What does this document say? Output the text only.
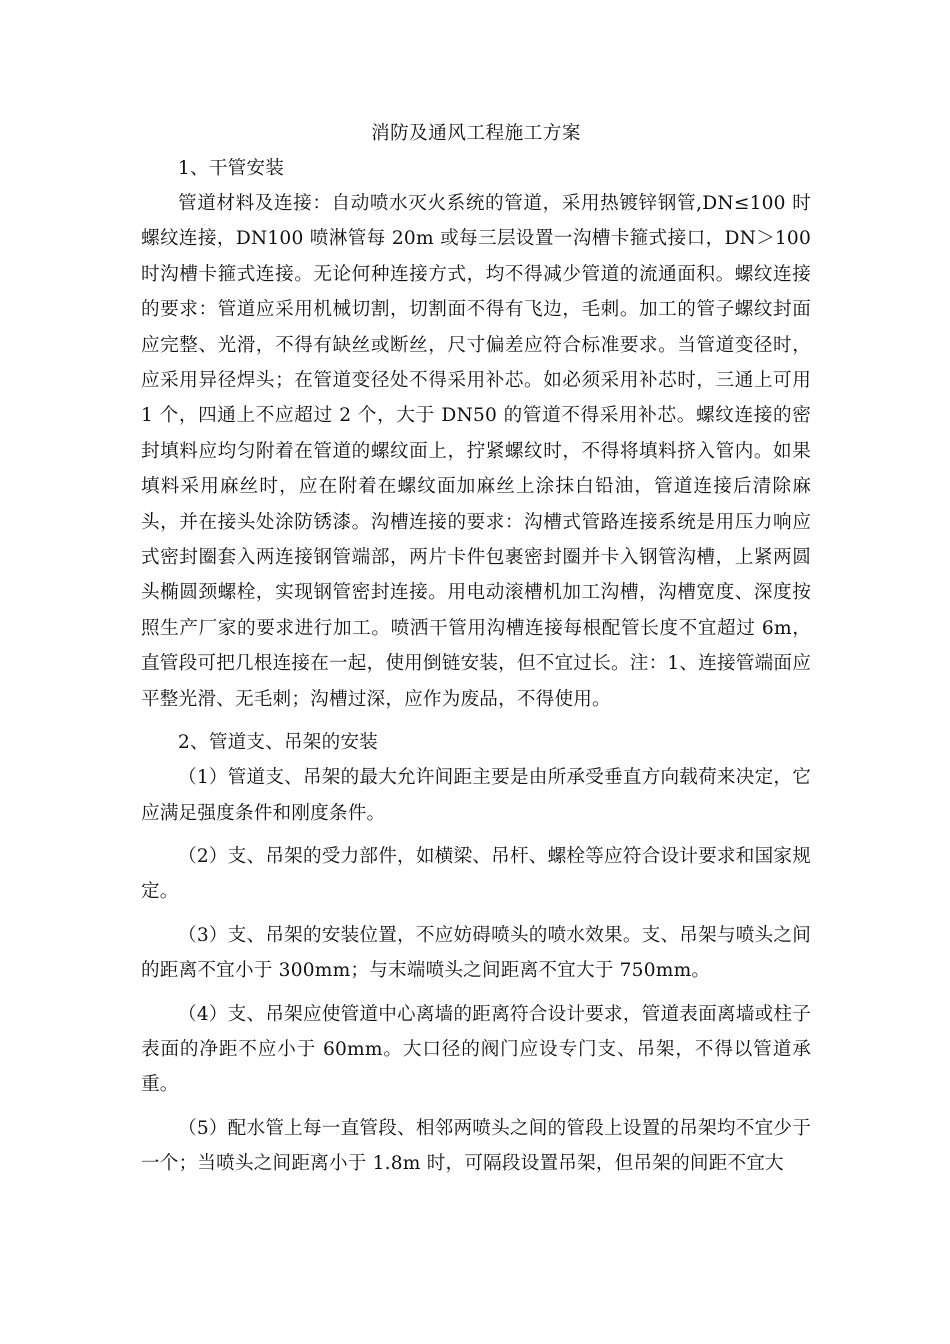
消防及通风工程施工方案

1、干管安装

管道材料及连接：自动喷水灭火系统的管道，采用热镀锌钢管,DN≤100 时螺纹连接，DN100 喷淋管每 20m 或每三层设置一沟槽卡箍式接口，DN＞100 时沟槽卡箍式连接。无论何种连接方式，均不得减少管道的流通面积。螺纹连接的要求：管道应采用机械切割，切割面不得有飞边，毛刺。加工的管子螺纹封面应完整、光滑，不得有缺丝或断丝，尺寸偏差应符合标准要求。当管道变径时，应采用异径焊头；在管道变径处不得采用补芯。如必须采用补芯时，三通上可用 1 个，四通上不应超过 2 个，大于 DN50 的管道不得采用补芯。螺纹连接的密封填料应均匀附着在管道的螺纹面上，拧紧螺纹时，不得将填料挤入管内。如果填料采用麻丝时，应在附着在螺纹面加麻丝上涂抹白铅油，管道连接后清除麻头，并在接头处涂防锈漆。沟槽连接的要求：沟槽式管路连接系统是用压力响应式密封圈套入两连接钢管端部，两片卡件包裹密封圈并卡入钢管沟槽，上紧两圆头椭圆颈螺栓，实现钢管密封连接。用电动滚槽机加工沟槽，沟槽宽度、深度按照生产厂家的要求进行加工。喷洒干管用沟槽连接每根配管长度不宜超过 6m，直管段可把几根连接在一起，使用倒链安装，但不宜过长。注：1、连接管端面应平整光滑、无毛刺；沟槽过深，应作为废品，不得使用。

2、管道支、吊架的安装

（1）管道支、吊架的最大允许间距主要是由所承受垂直方向载荷来决定，它应满足强度条件和刚度条件。

（2）支、吊架的受力部件，如横梁、吊杆、螺栓等应符合设计要求和国家规定。

（3）支、吊架的安装位置，不应妨碍喷头的喷水效果。支、吊架与喷头之间的距离不宜小于 300mm；与末端喷头之间距离不宜大于 750mm。

（4）支、吊架应使管道中心离墙的距离符合设计要求，管道表面离墙或柱子表面的净距不应小于 60mm。大口径的阀门应设专门支、吊架，不得以管道承重。

（5）配水管上每一直管段、相邻两喷头之间的管段上设置的吊架均不宜少于一个；当喷头之间距离小于 1.8m 时，可隔段设置吊架，但吊架的间距不宜大
